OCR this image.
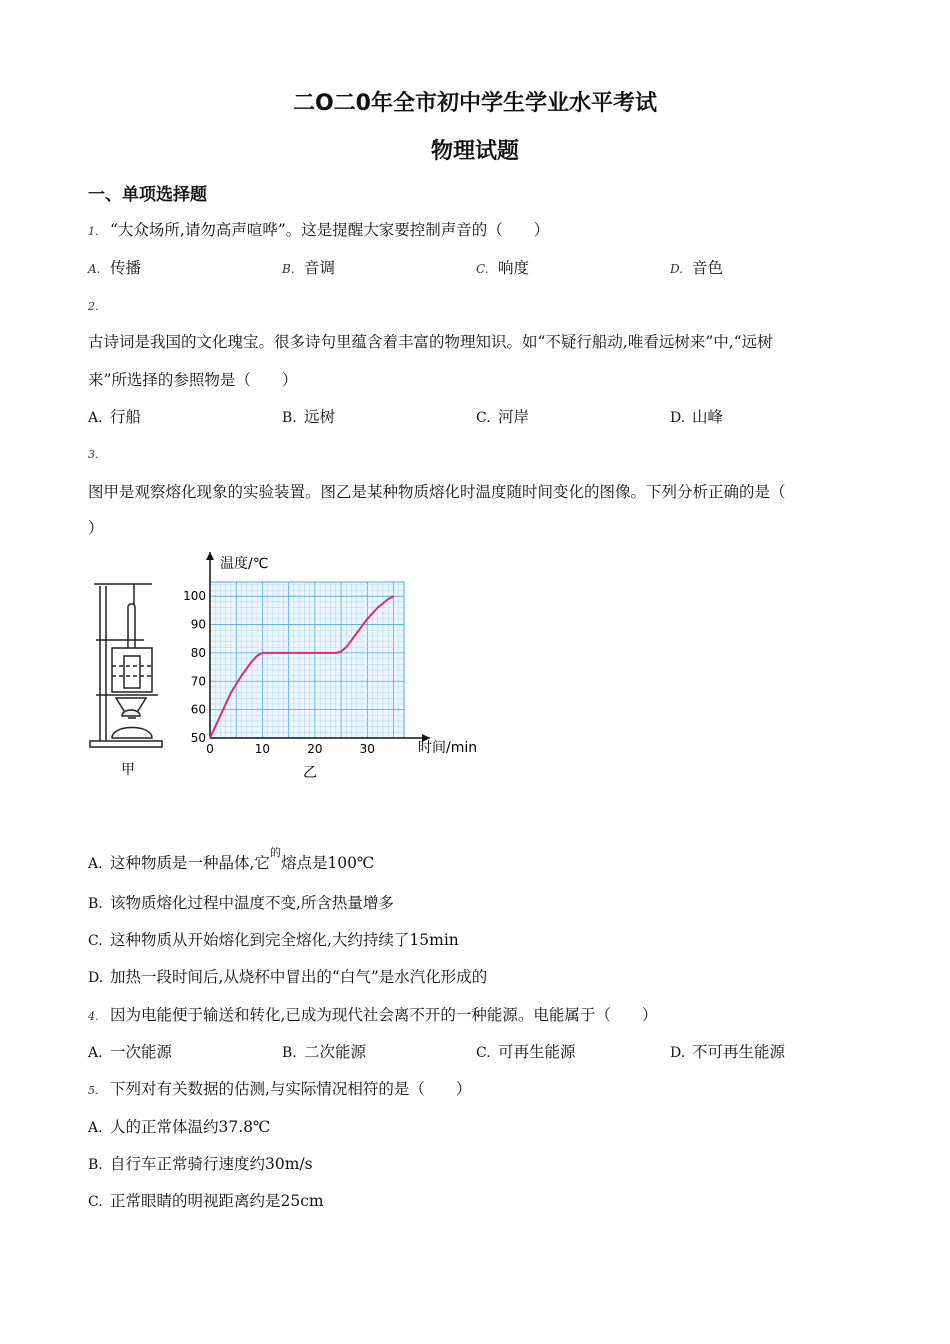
二O二0年全市初中学生学业水平考试
物理试题
一、单项选择题
1. “大众场所,请勿高声喧哗”。这是提醒大家要控制声音的（　　）
A. 传播	B. 音调	C. 响度	D. 音色
2.
古诗词是我国的文化瑰宝。很多诗句里蕴含着丰富的物理知识。如“不疑行船动,唯看远树来”中,“远树
来”所选择的参照物是（　　）
A. 行船	B. 远树	C. 河岸	D. 山峰
3.
图甲是观察熔化现象的实验装置。图乙是某种物质熔化时温度随时间变化的图像。下列分析正确的是（
）
甲	乙
温度/℃
时间/min
0	10	20	30
50
60
70
80
90
100
A. 这种物质是一种晶体,它$^的$熔点是100℃
B. 该物质熔化过程中温度不变,所含热量增多
C. 这种物质从开始熔化到完全熔化,大约持续了15min
D. 加热一段时间后,从烧杯中冒出的“白气”是水汽化形成的
4. 因为电能便于输送和转化,已成为现代社会离不开的一种能源。电能属于（　　）
A. 一次能源	B. 二次能源	C. 可再生能源	D. 不可再生能源
5. 下列对有关数据的估测,与实际情况相符的是（　　）
A. 人的正常体温约37.8℃
B. 自行车正常骑行速度约30m/s
C. 正常眼睛的明视距离约是25cm
